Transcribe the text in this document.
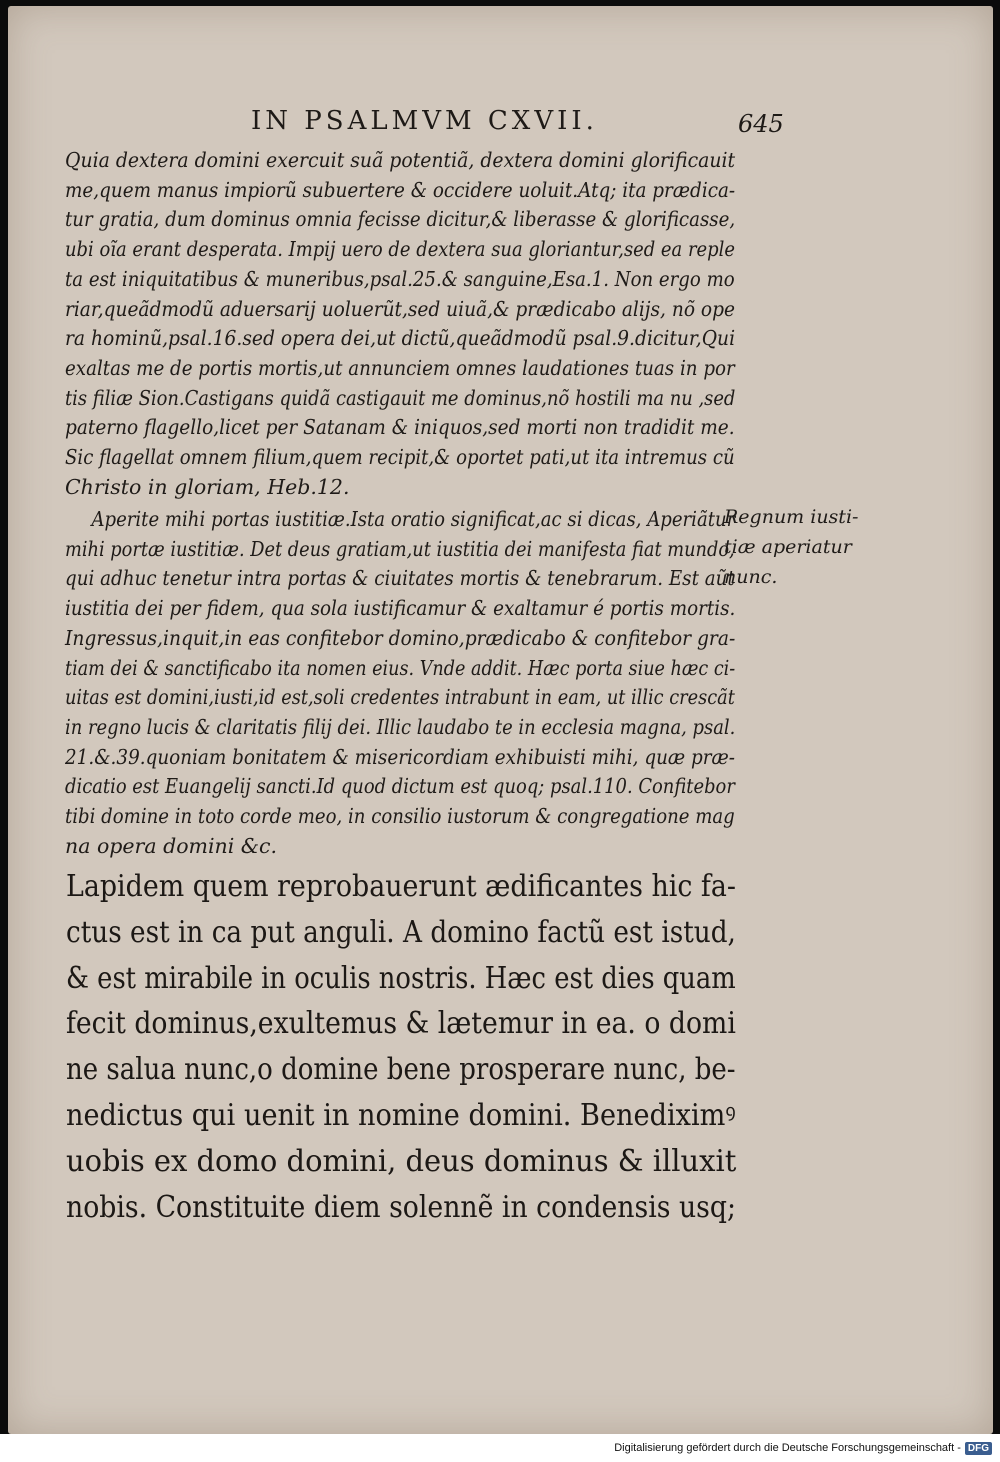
IN PSALMVM CXVII.	645
Quia dextera domini exercuit suã potentiã, dextera domini glorificauit
me,quem manus impiorũ subuertere & occidere uoluit.Atq; ita prædica-
tur gratia, dum dominus omnia fecisse dicitur,& liberasse & glorificasse,
ubi oĩa erant desperata. Impij uero de dextera sua gloriantur,sed ea reple
ta est iniquitatibus & muneribus,psal.25.& sanguine,Esa.1. Non ergo mo
riar,queãdmodũ aduersarij uoluerũt,sed uiuã,& prædicabo alijs, nõ ope
ra hominũ,psal.16.sed opera dei,ut dictũ,queãdmodũ psal.9.dicitur,Qui
exaltas me de portis mortis,ut annunciem omnes laudationes tuas in por
tis filiæ Sion.Castigans quidã castigauit me dominus,nõ hostili ma nu ,sed
paterno flagello,licet per Satanam & iniquos,sed morti non tradidit me.
Sic flagellat omnem filium,quem recipit,& oportet pati,ut ita intremus cũ
Christo in gloriam, Heb.12.
Aperite mihi portas iustitiæ.Ista oratio significat,ac si dicas, Aperiãtur
mihi portæ iustitiæ. Det deus gratiam,ut iustitia dei manifesta fiat mundo,
qui adhuc tenetur intra portas & ciuitates mortis & tenebrarum. Est aũt
iustitia dei per fidem, qua sola iustificamur & exaltamur é portis mortis.
Ingressus,inquit,in eas confitebor domino,prædicabo & confitebor gra-
tiam dei & sanctificabo ita nomen eius. Vnde addit. Hæc porta siue hæc ci-
uitas est domini,iusti,id est,soli credentes intrabunt in eam, ut illic crescãt
in regno lucis & claritatis filij dei. Illic laudabo te in ecclesia magna, psal.
21.&.39.quoniam bonitatem & misericordiam exhibuisti mihi, quæ præ-
dicatio est Euangelij sancti.Id quod dictum est quoq; psal.110. Confitebor
tibi domine in toto corde meo, in consilio iustorum & congregatione mag
na opera domini &c.
Regnum iusti-
tiæ aperiatur
nunc.
Lapidem quem reprobauerunt ædificantes hic fa-
ctus est in ca put anguli. A domino factũ est istud,
& est mirabile in oculis nostris. Hæc est dies quam
fecit dominus,exultemus & lætemur in ea. o domi
ne salua nunc,o domine bene prosperare nunc, be-
nedictus qui uenit in nomine domini. Benediximꝰ
uobis ex domo domini, deus dominus & illuxit
nobis. Constituite diem solennẽ in condensis usq;
Digitalisierung gefördert durch die Deutsche Forschungsgemeinschaft - DFG
